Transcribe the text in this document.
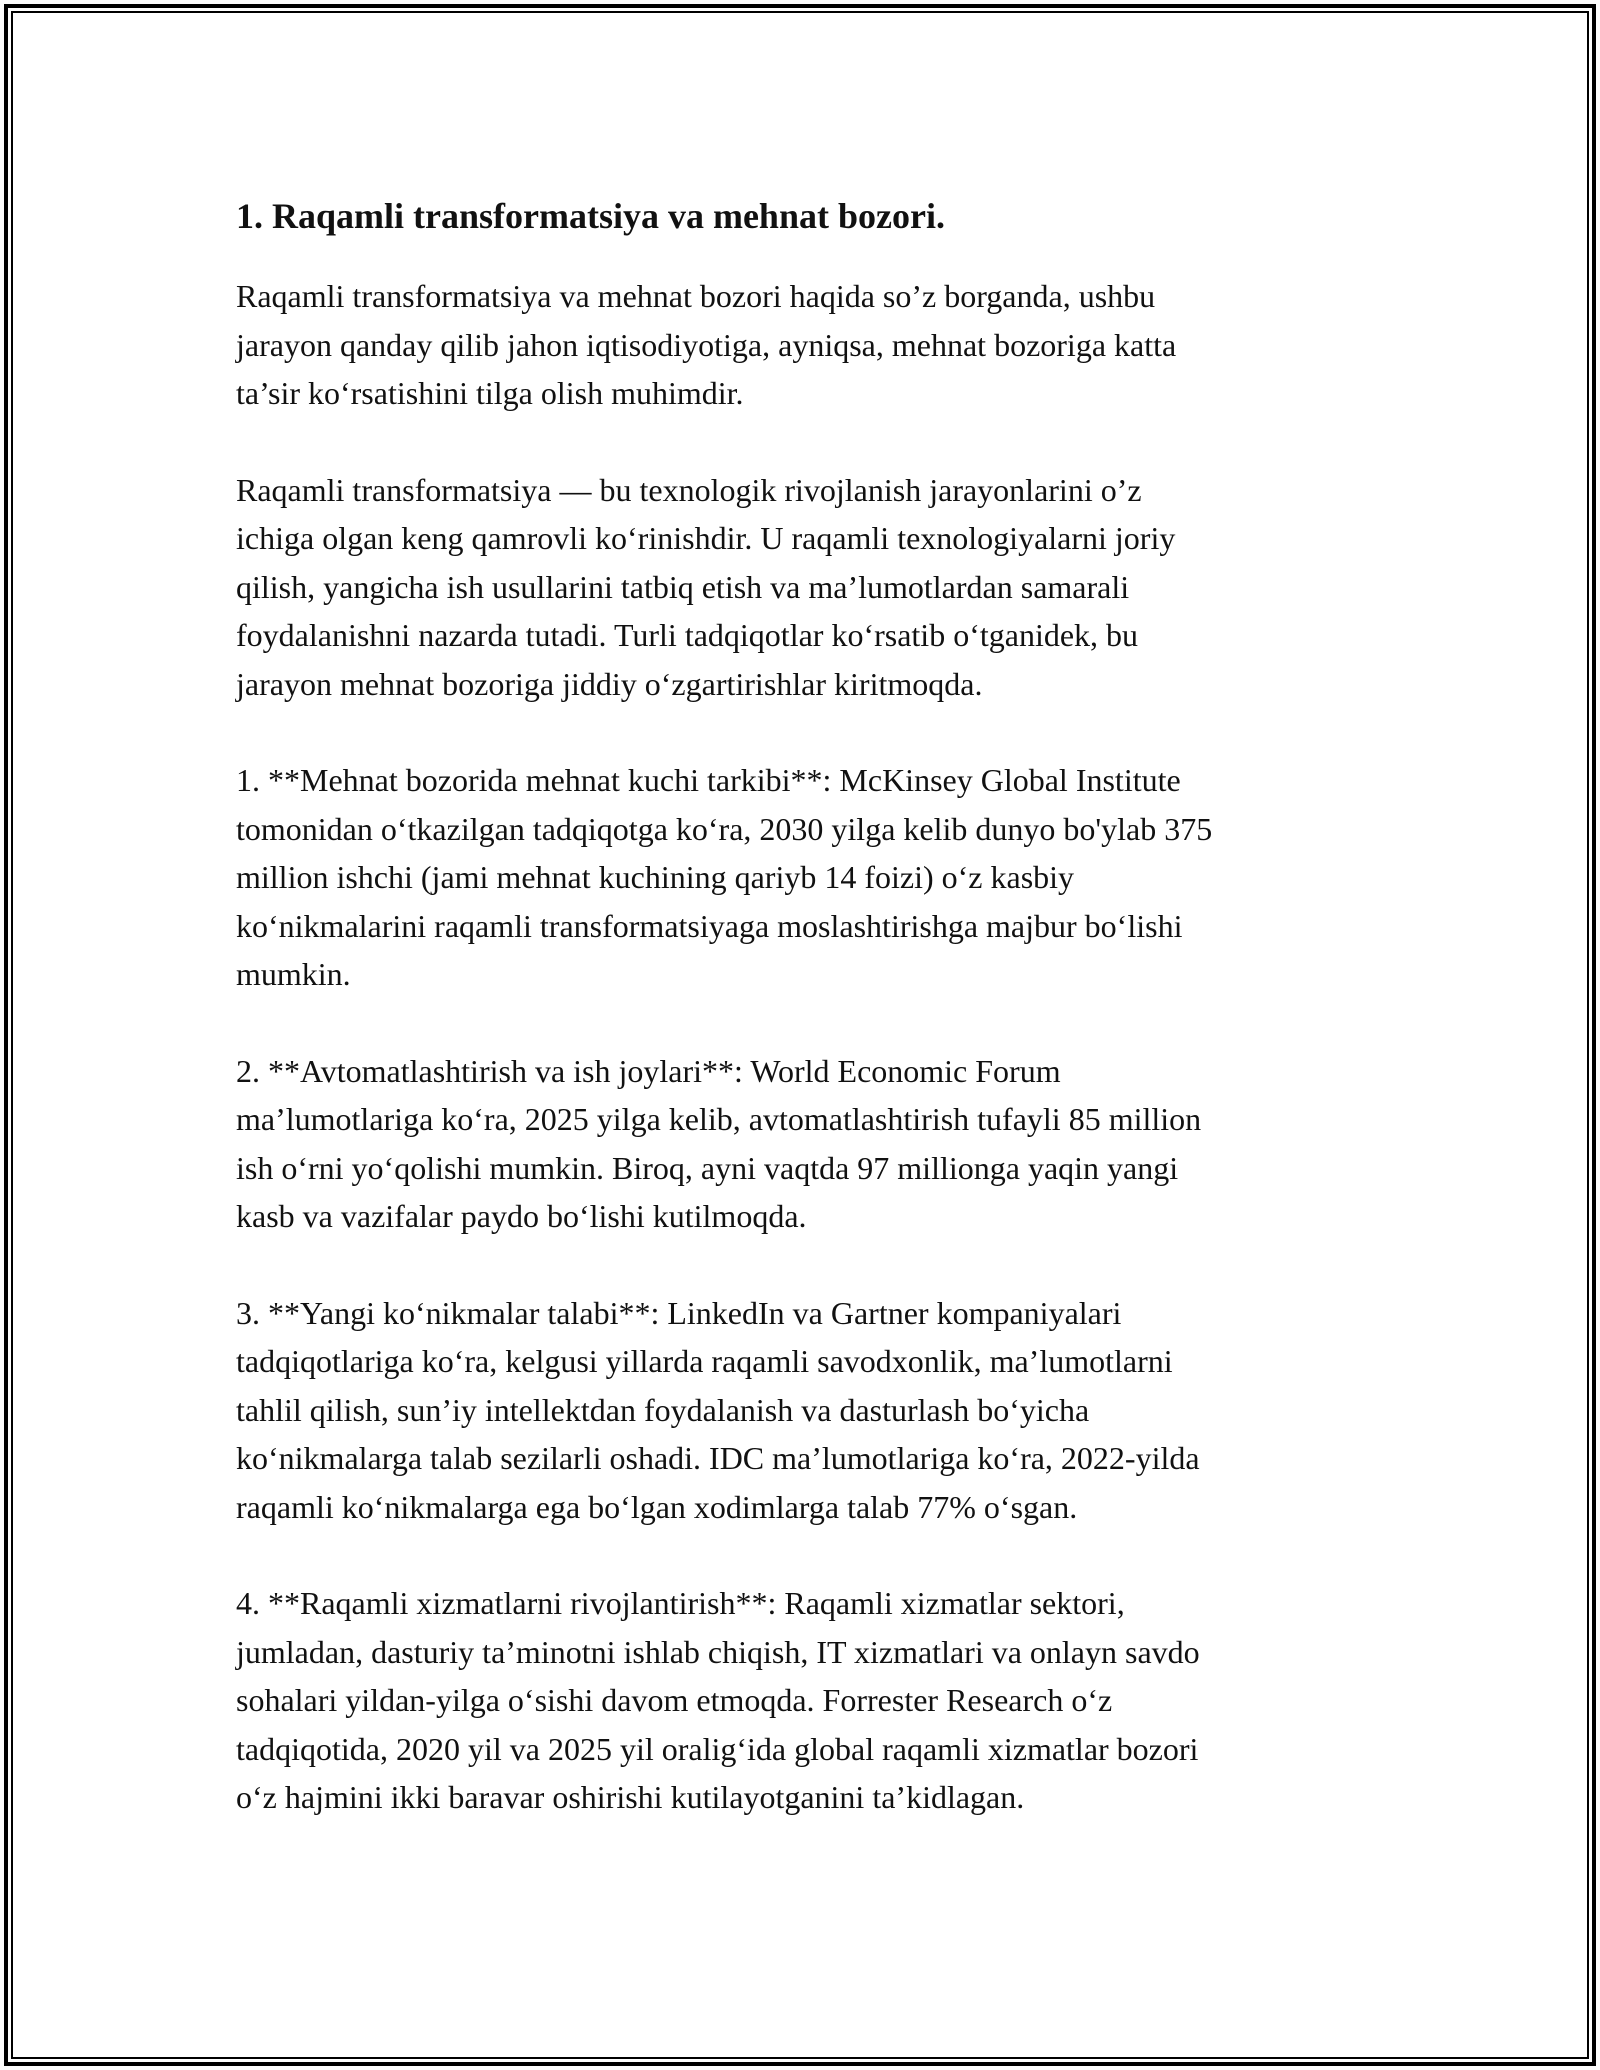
1. Raqamli transformatsiya va mehnat bozori.

Raqamli transformatsiya va mehnat bozori haqida so’z borganda, ushbu
jarayon qanday qilib jahon iqtisodiyotiga, ayniqsa, mehnat bozoriga katta
ta’sir ko‘rsatishini tilga olish muhimdir.

Raqamli transformatsiya — bu texnologik rivojlanish jarayonlarini o’z
ichiga olgan keng qamrovli ko‘rinishdir. U raqamli texnologiyalarni joriy
qilish, yangicha ish usullarini tatbiq etish va ma’lumotlardan samarali
foydalanishni nazarda tutadi. Turli tadqiqotlar ko‘rsatib o‘tganidek, bu
jarayon mehnat bozoriga jiddiy o‘zgartirishlar kiritmoqda.

1. **Mehnat bozorida mehnat kuchi tarkibi**: McKinsey Global Institute
tomonidan o‘tkazilgan tadqiqotga ko‘ra, 2030 yilga kelib dunyo bo'ylab 375
million ishchi (jami mehnat kuchining qariyb 14 foizi) o‘z kasbiy
ko‘nikmalarini raqamli transformatsiyaga moslashtirishga majbur bo‘lishi
mumkin.

2. **Avtomatlashtirish va ish joylari**: World Economic Forum
ma’lumotlariga ko‘ra, 2025 yilga kelib, avtomatlashtirish tufayli 85 million
ish o‘rni yo‘qolishi mumkin. Biroq, ayni vaqtda 97 millionga yaqin yangi
kasb va vazifalar paydo bo‘lishi kutilmoqda.

3. **Yangi ko‘nikmalar talabi**: LinkedIn va Gartner kompaniyalari
tadqiqotlariga ko‘ra, kelgusi yillarda raqamli savodxonlik, ma’lumotlarni
tahlil qilish, sun’iy intellektdan foydalanish va dasturlash bo‘yicha
ko‘nikmalarga talab sezilarli oshadi. IDC ma’lumotlariga ko‘ra, 2022-yilda
raqamli ko‘nikmalarga ega bo‘lgan xodimlarga talab 77% o‘sgan.

4. **Raqamli xizmatlarni rivojlantirish**: Raqamli xizmatlar sektori,
jumladan, dasturiy ta’minotni ishlab chiqish, IT xizmatlari va onlayn savdo
sohalari yildan-yilga o‘sishi davom etmoqda. Forrester Research o‘z
tadqiqotida, 2020 yil va 2025 yil oralig‘ida global raqamli xizmatlar bozori
o‘z hajmini ikki baravar oshirishi kutilayotganini ta’kidlagan.
